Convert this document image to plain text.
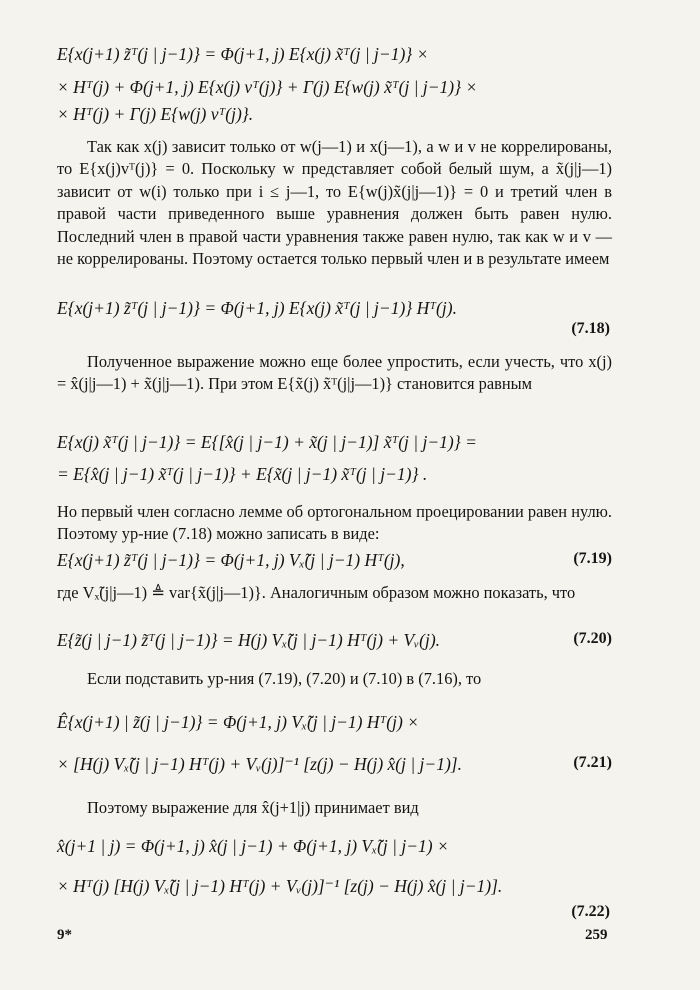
E{x(j+1) z̃ᵀ(j | j−1)} = Φ(j+1, j) E{x(j) x̃ᵀ(j | j−1)} ×
× Hᵀ(j) + Φ(j+1, j) E{x(j) vᵀ(j)} + Γ(j) E{w(j) x̃ᵀ(j | j−1)} ×
× Hᵀ(j) + Γ(j) E{w(j) vᵀ(j)}.
Так как x(j) зависит только от w(j—1) и x(j—1), а w и v не коррелированы, то E{x(j)vᵀ(j)} = 0. Поскольку w представляет собой белый шум, а x̃(j|j—1) зависит от w(i) только при i ≤ j—1, то E{w(j)x̃(j|j—1)} = 0 и третий член в правой части приведенного выше уравнения должен быть равен нулю. Последний член в правой части уравнения также равен нулю, так как w и v — не коррелированы. Поэтому остается только первый член и в результате имеем
E{x(j+1) z̃ᵀ(j | j−1)} = Φ(j+1, j) E{x(j) x̃ᵀ(j | j−1)} Hᵀ(j).
(7.18)
Полученное выражение можно еще более упростить, если учесть, что x(j) = x̂(j|j—1) + x̃(j|j—1). При этом E{x̃(j) x̃ᵀ(j|j—1)} становится равным
E{x(j) x̃ᵀ(j | j−1)} = E{[x̂(j | j−1) + x̃(j | j−1)] x̃ᵀ(j | j−1)} =
= E{x̂(j | j−1) x̃ᵀ(j | j−1)} + E{x̃(j | j−1) x̃ᵀ(j | j−1)} .
Но первый член согласно лемме об ортогональном проецировании равен нулю. Поэтому ур-ние (7.18) можно записать в виде:
E{x(j+1) z̃ᵀ(j | j−1)} = Φ(j+1, j) Vₓ̃(j | j−1) Hᵀ(j),	(7.19)
где Vₓ̃(j|j—1) ≜ var{x̃(j|j—1)}. Аналогичным образом можно показать, что
E{z̃(j | j−1) z̃ᵀ(j | j−1)} = H(j) Vₓ̃(j | j−1) Hᵀ(j) + Vᵥ(j).	(7.20)
Если подставить ур-ния (7.19), (7.20) и (7.10) в (7.16), то
Ê{x(j+1) | z̃(j | j−1)} = Φ(j+1, j) Vₓ̃(j | j−1) Hᵀ(j) ×
× [H(j) Vₓ̃(j | j−1) Hᵀ(j) + Vᵥ(j)]⁻¹ [z(j) − H(j) x̂(j | j−1)].	(7.21)
Поэтому выражение для x̂(j+1|j) принимает вид
x̂(j+1 | j) = Φ(j+1, j) x̂(j | j−1) + Φ(j+1, j) Vₓ̃(j | j−1) ×
× Hᵀ(j) [H(j) Vₓ̃(j | j−1) Hᵀ(j) + Vᵥ(j)]⁻¹ [z(j) − H(j) x̂(j | j−1)].
(7.22)
9*	259
